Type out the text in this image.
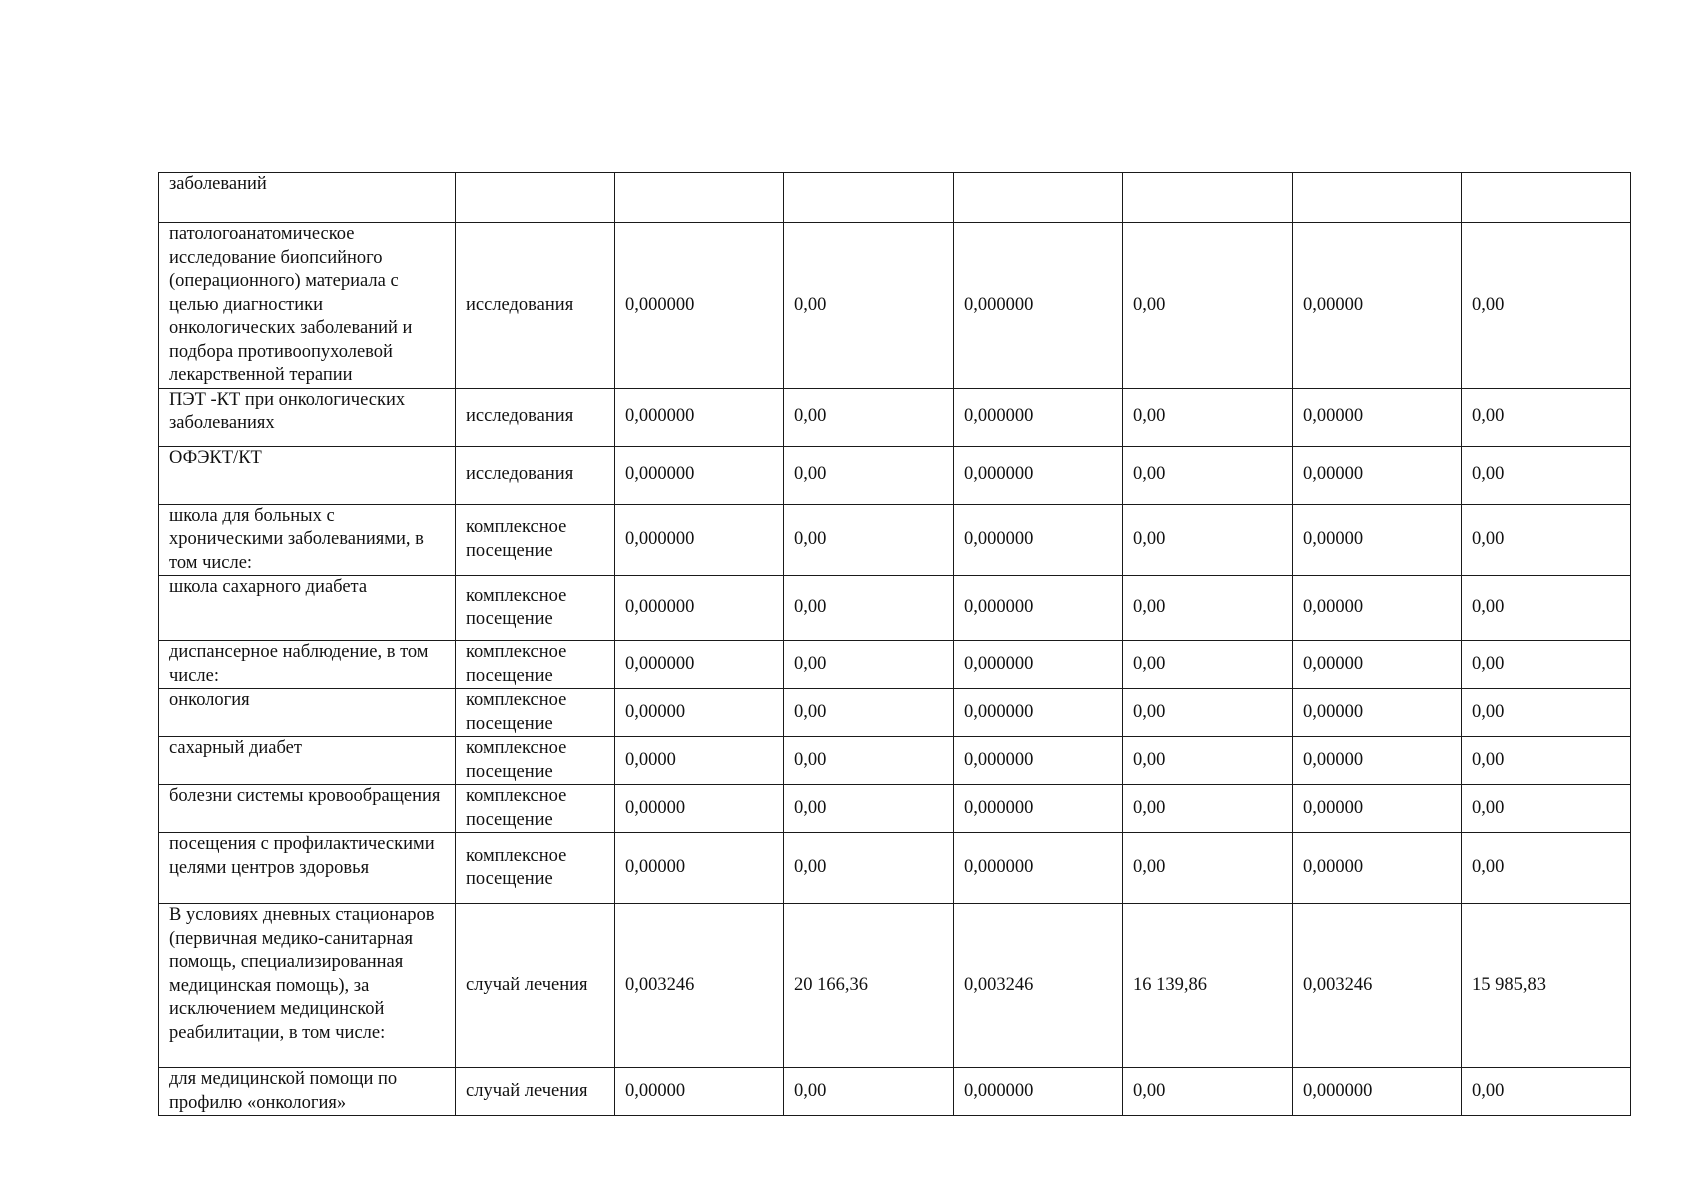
заболеваний							

патологоанатомическое исследование биопсийного (операционного) материала с целью диагностики онкологических заболеваний и подбора противоопухолевой лекарственной терапии	исследования	0,000000	0,00	0,000000	0,00	0,00000	0,00

ПЭТ -КТ при онкологических заболеваниях	исследования	0,000000	0,00	0,000000	0,00	0,00000	0,00

ОФЭКТ/КТ	исследования	0,000000	0,00	0,000000	0,00	0,00000	0,00

школа для больных с хроническими заболеваниями, в том числе:	комплексное посещение	0,000000	0,00	0,000000	0,00	0,00000	0,00

школа сахарного диабета	комплексное посещение	0,000000	0,00	0,000000	0,00	0,00000	0,00

диспансерное наблюдение, в том числе:	комплексное посещение	0,000000	0,00	0,000000	0,00	0,00000	0,00

онкология	комплексное посещение	0,00000	0,00	0,000000	0,00	0,00000	0,00

сахарный диабет	комплексное посещение	0,0000	0,00	0,000000	0,00	0,00000	0,00

болезни системы кровообращения	комплексное посещение	0,00000	0,00	0,000000	0,00	0,00000	0,00

посещения с профилактическими целями центров здоровья	комплексное посещение	0,00000	0,00	0,000000	0,00	0,00000	0,00

В условиях дневных стационаров (первичная медико-санитарная помощь, специализированная медицинская помощь), за исключением медицинской реабилитации, в том числе:	случай лечения	0,003246	20 166,36	0,003246	16 139,86	0,003246	15 985,83

для медицинской помощи по профилю «онкология»	случай лечения	0,00000	0,00	0,000000	0,00	0,000000	0,00
